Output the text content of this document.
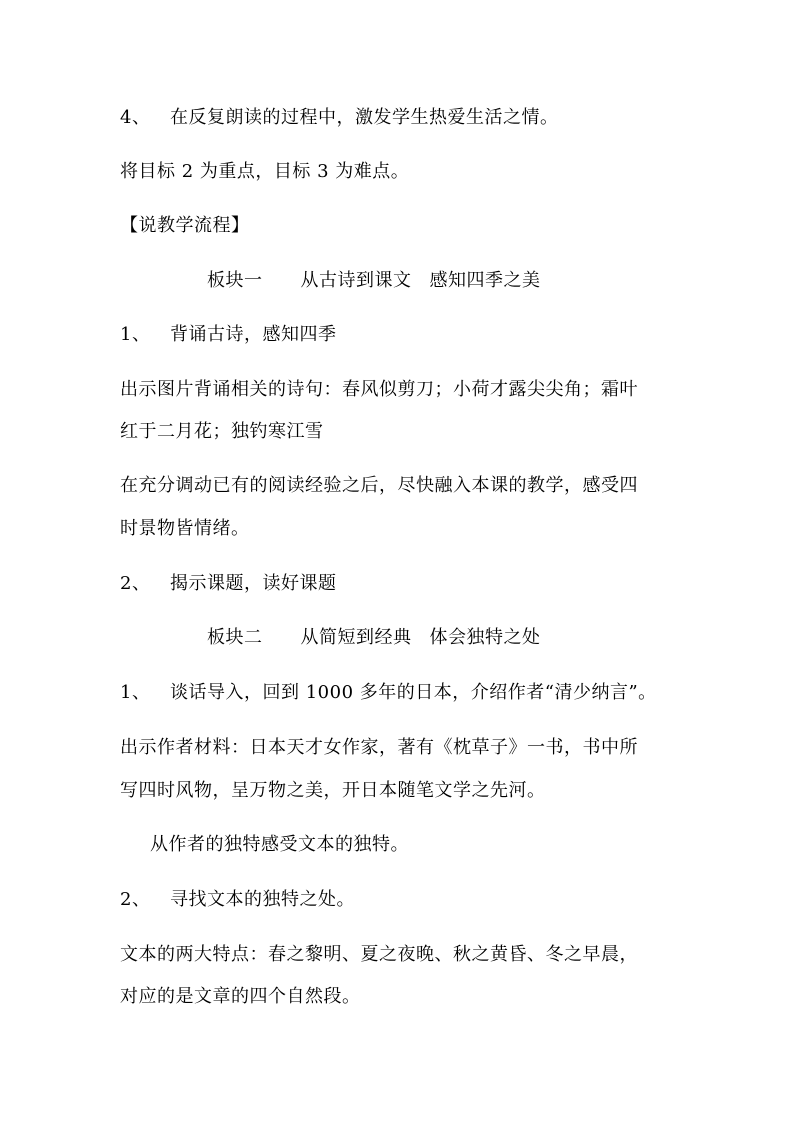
4、 在反复朗读的过程中，激发学生热爱生活之情。
将目标 2 为重点，目标 3 为难点。
【说教学流程】
板块一 从古诗到课文 感知四季之美
1、 背诵古诗，感知四季
出示图片背诵相关的诗句：春风似剪刀；小荷才露尖尖角；霜叶
红于二月花；独钓寒江雪
在充分调动已有的阅读经验之后，尽快融入本课的教学，感受四
时景物皆情绪。
2、 揭示课题，读好课题
板块二 从简短到经典 体会独特之处
1、 谈话导入，回到 1000 多年的日本，介绍作者“清少纳言”。
出示作者材料：日本天才女作家，著有《枕草子》一书，书中所
写四时风物，呈万物之美，开日本随笔文学之先河。
从作者的独特感受文本的独特。
2、 寻找文本的独特之处。
文本的两大特点：春之黎明、夏之夜晚、秋之黄昏、冬之早晨，
对应的是文章的四个自然段。
